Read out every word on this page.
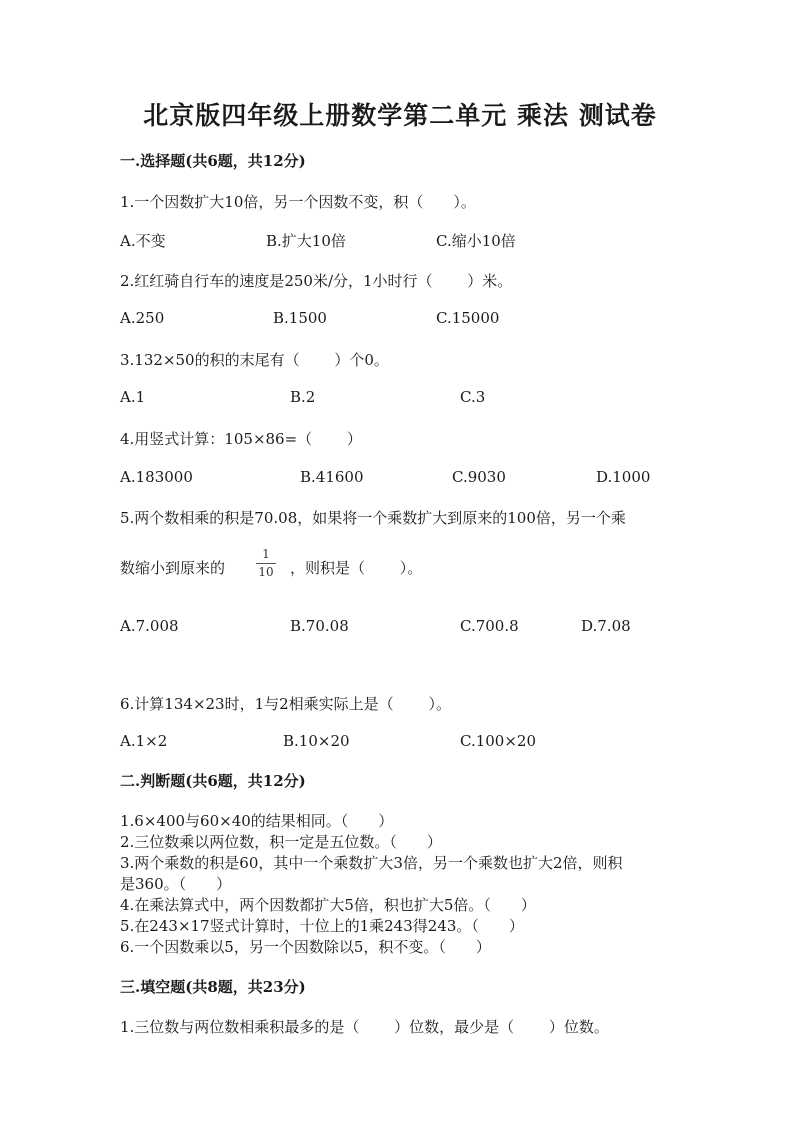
北京版四年级上册数学第二单元 乘法 测试卷
一.选择题(共6题，共12分)
1.一个因数扩大10倍，另一个因数不变，积（　　）。
A.不变	B.扩大10倍	C.缩小10倍
2.红红骑自行车的速度是250米/分，1小时行（　　 ）米。
A.250	B.1500	C.15000
3.132×50的积的末尾有（　　 ）个0。
A.1	B.2	C.3
4.用竖式计算：105×86=（　　 ）
A.183000	B.41600	C.9030	D.1000
5.两个数相乘的积是70.08，如果将一个乘数扩大到原来的100倍，另一个乘
数缩小到原来的
1
10 ，则积是（　　 ）。
A.7.008	B.70.08	C.700.8	D.7.08
6.计算134×23时，1与2相乘实际上是（　　 ）。
A.1×2	B.10×20	C.100×20
二.判断题(共6题，共12分)
1.6×400与60×40的结果相同。（　　）
2.三位数乘以两位数，积一定是五位数。（　　）
3.两个乘数的积是60，其中一个乘数扩大3倍，另一个乘数也扩大2倍，则积
是360。（　　）
4.在乘法算式中，两个因数都扩大5倍，积也扩大5倍。（　　）
5.在243×17竖式计算时，十位上的1乘243得243。（　　）
6.一个因数乘以5，另一个因数除以5，积不变。（　　）
三.填空题(共8题，共23分)
1.三位数与两位数相乘积最多的是（　　 ）位数，最少是（　　 ）位数。
